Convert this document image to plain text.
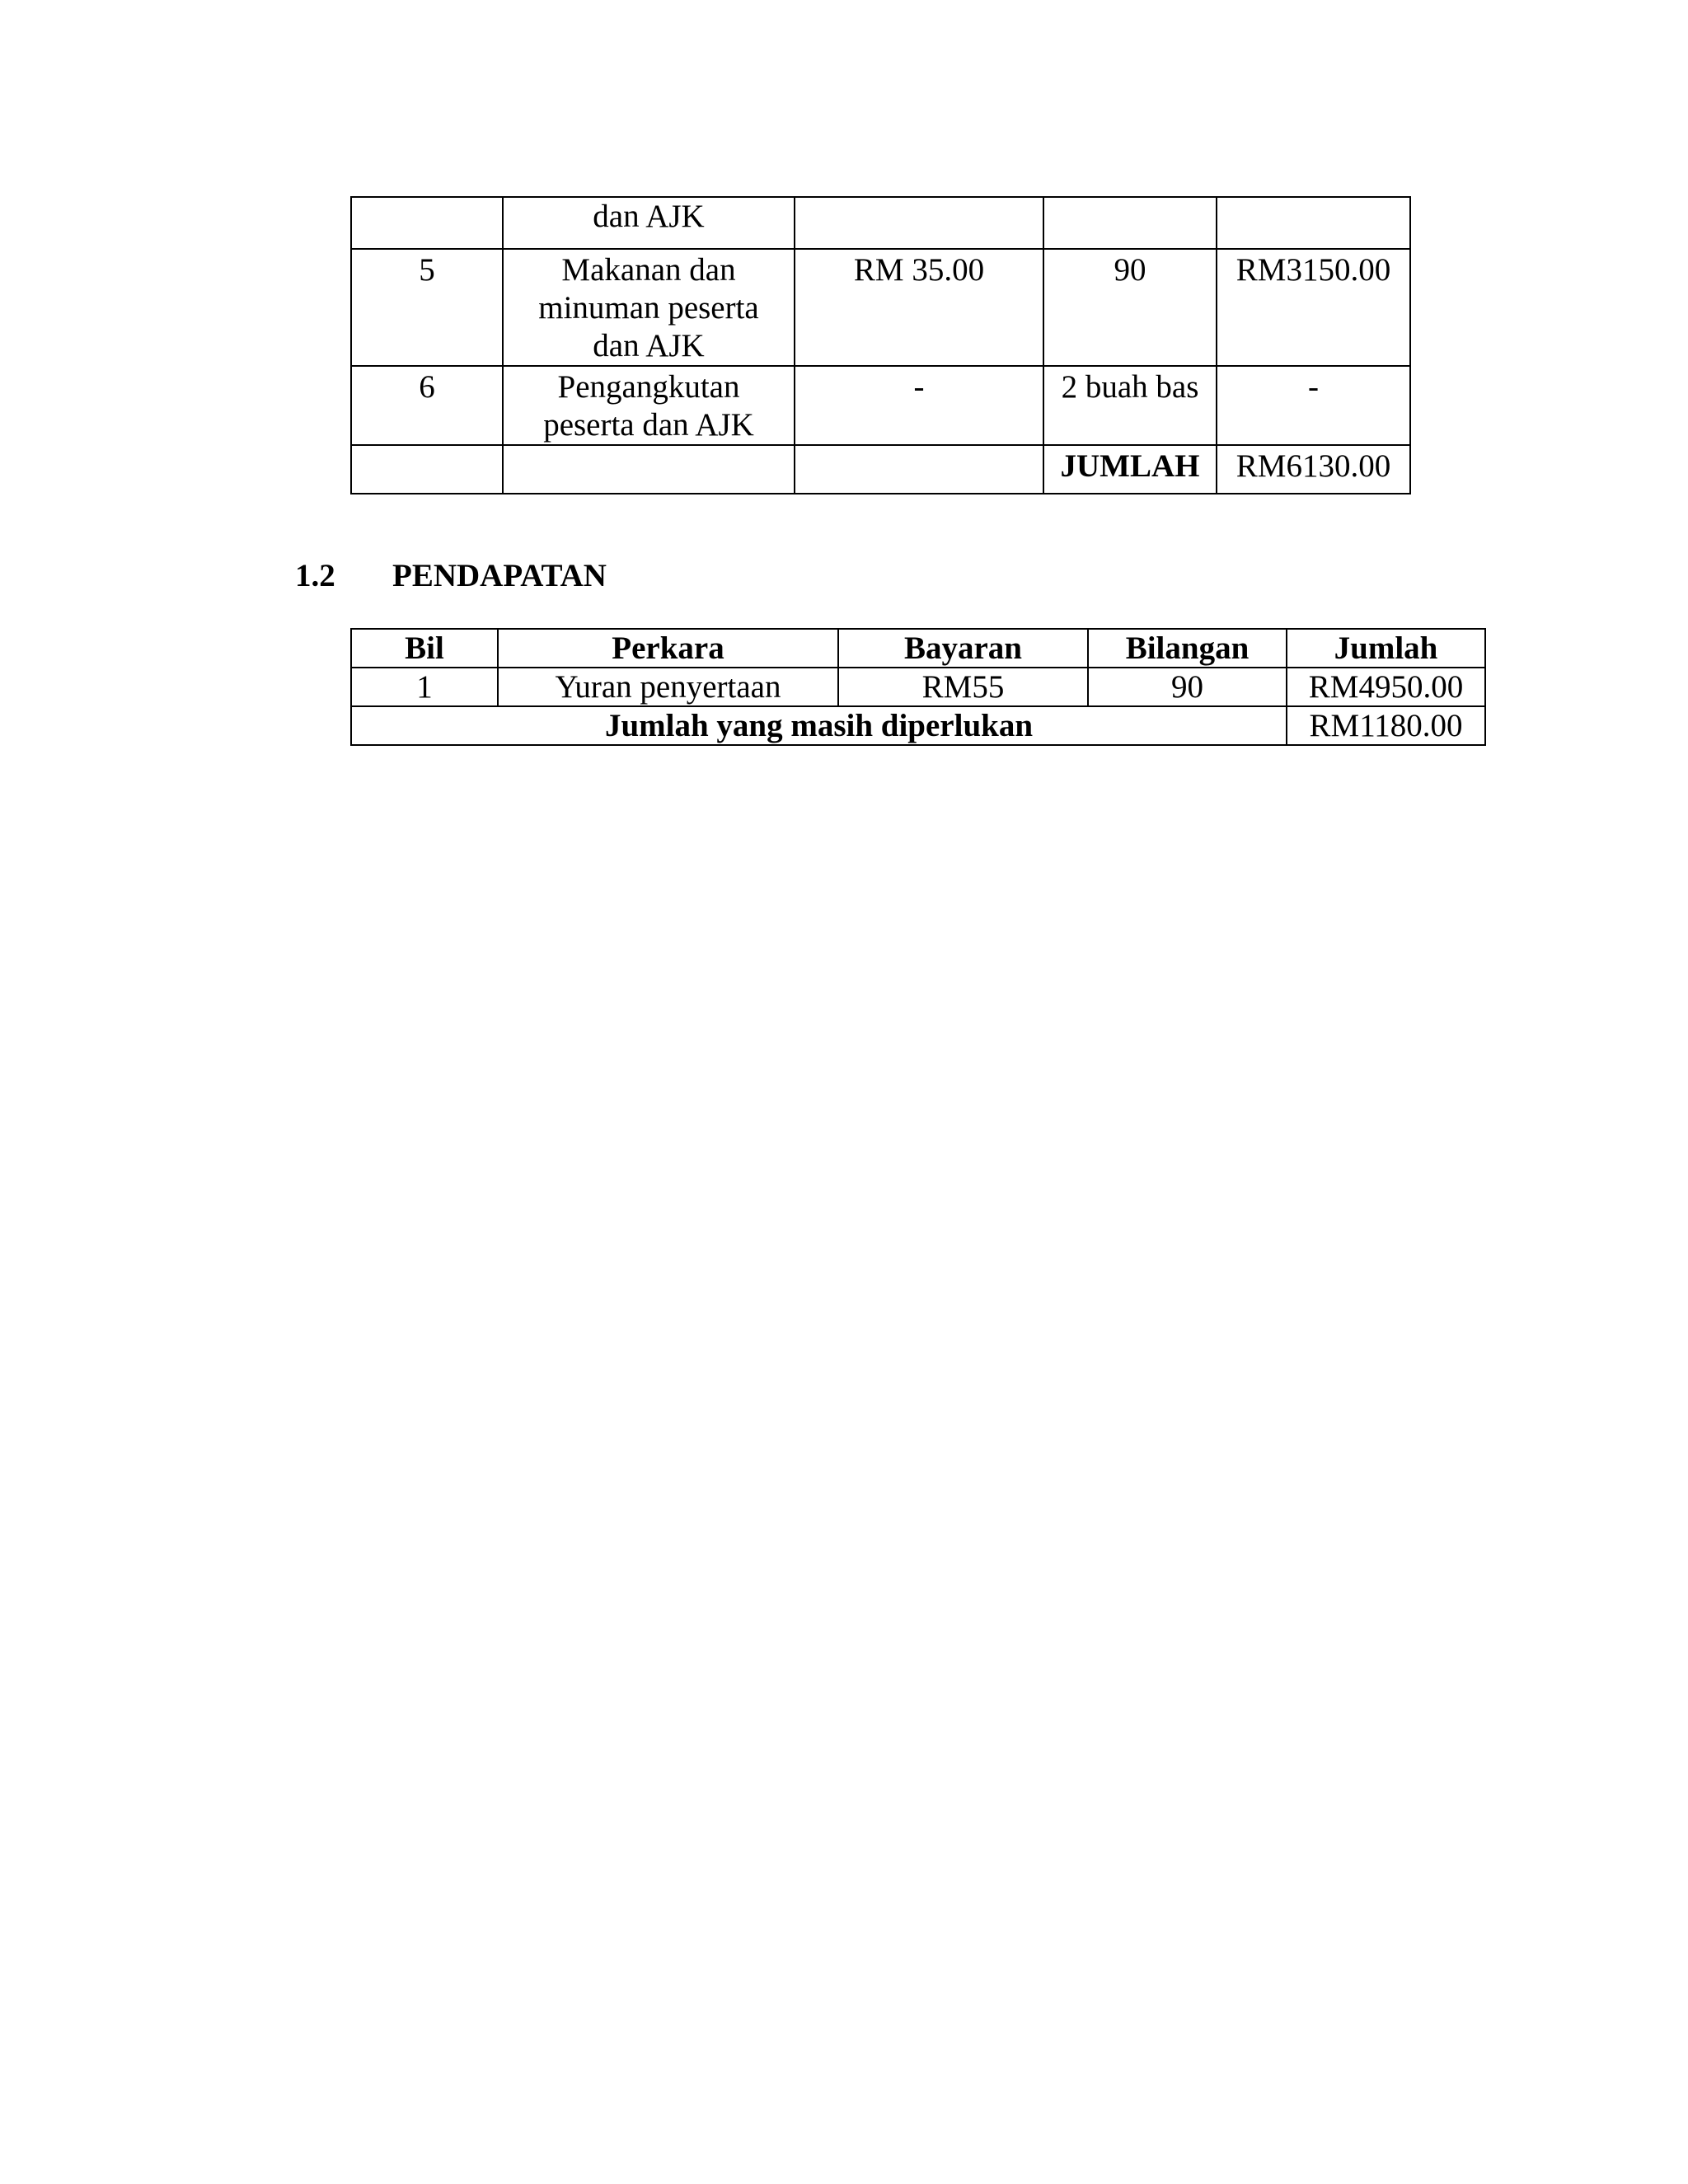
	dan AJK			
5	Makanan dan minuman peserta dan AJK	RM 35.00	90	RM3150.00
6	Pengangkutan peserta dan AJK	-	2 buah bas	-
			JUMLAH	RM6130.00
1.2 PENDAPATAN
Bil	Perkara	Bayaran	Bilangan	Jumlah
1	Yuran penyertaan	RM55	90	RM4950.00
Jumlah yang masih diperlukan				RM1180.00
